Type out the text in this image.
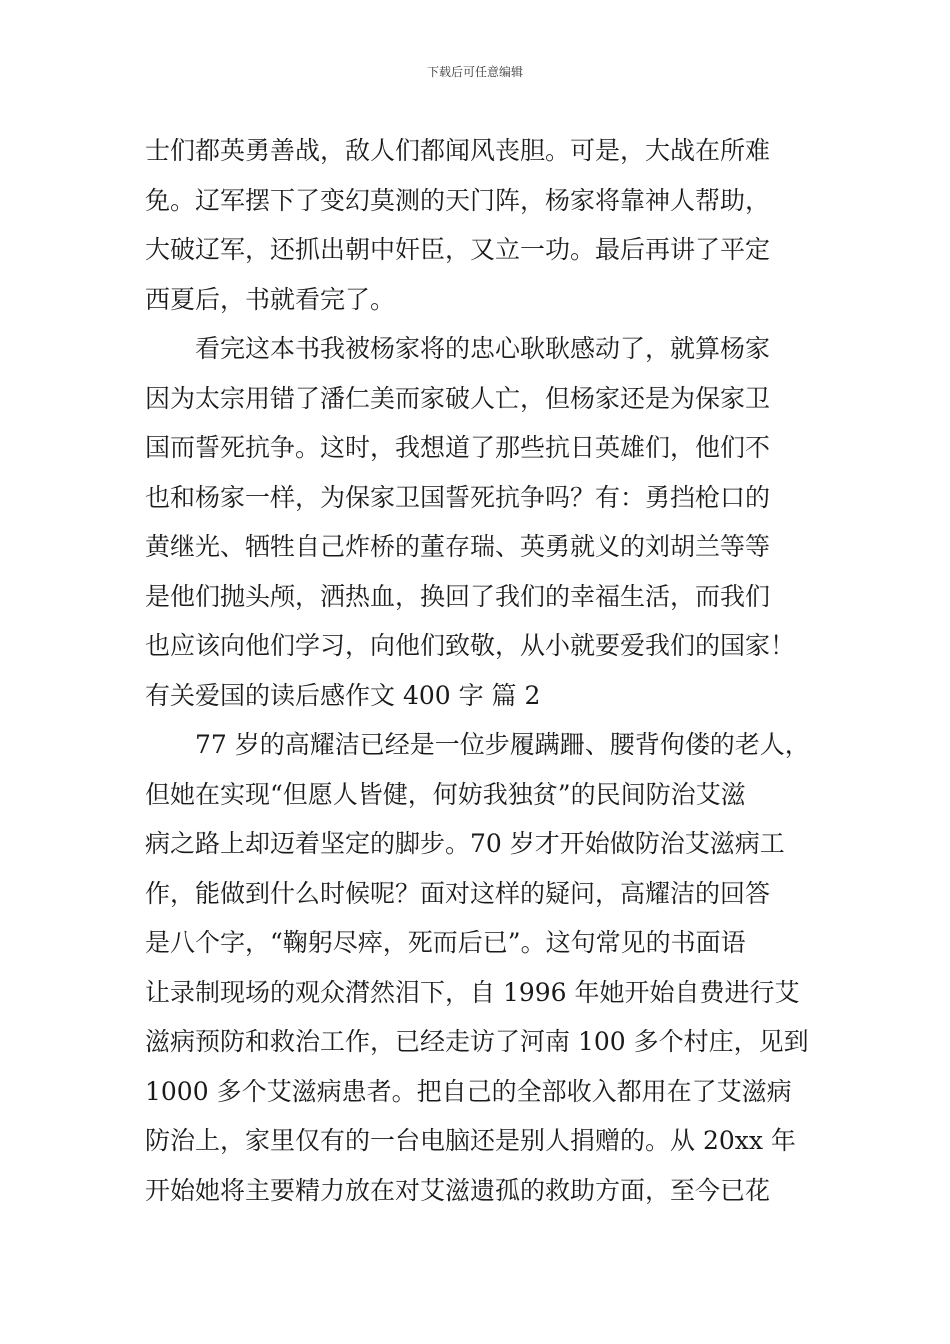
下载后可任意编辑
士们都英勇善战，敌人们都闻风丧胆。可是，大战在所难
免。辽军摆下了变幻莫测的天门阵，杨家将靠神人帮助，
大破辽军，还抓出朝中奸臣，又立一功。最后再讲了平定
西夏后，书就看完了。
看完这本书我被杨家将的忠心耿耿感动了，就算杨家
因为太宗用错了潘仁美而家破人亡，但杨家还是为保家卫
国而誓死抗争。这时，我想道了那些抗日英雄们，他们不
也和杨家一样，为保家卫国誓死抗争吗？有：勇挡枪口的
黄继光、牺牲自己炸桥的董存瑞、英勇就义的刘胡兰等等
是他们抛头颅，洒热血，换回了我们的幸福生活，而我们
也应该向他们学习，向他们致敬，从小就要爱我们的国家！
有关爱国的读后感作文 400 字 篇 2
77 岁的高耀洁已经是一位步履蹒跚、腰背佝偻的老人，
但她在实现“但愿人皆健，何妨我独贫”的民间防治艾滋
病之路上却迈着坚定的脚步。70 岁才开始做防治艾滋病工
作，能做到什么时候呢？面对这样的疑问，高耀洁的回答
是八个字，“鞠躬尽瘁，死而后已”。这句常见的书面语
让录制现场的观众潸然泪下，自 1996 年她开始自费进行艾
滋病预防和救治工作，已经走访了河南 100 多个村庄，见到
1000 多个艾滋病患者。把自己的全部收入都用在了艾滋病
防治上，家里仅有的一台电脑还是别人捐赠的。从 20xx 年
开始她将主要精力放在对艾滋遗孤的救助方面，至今已花
